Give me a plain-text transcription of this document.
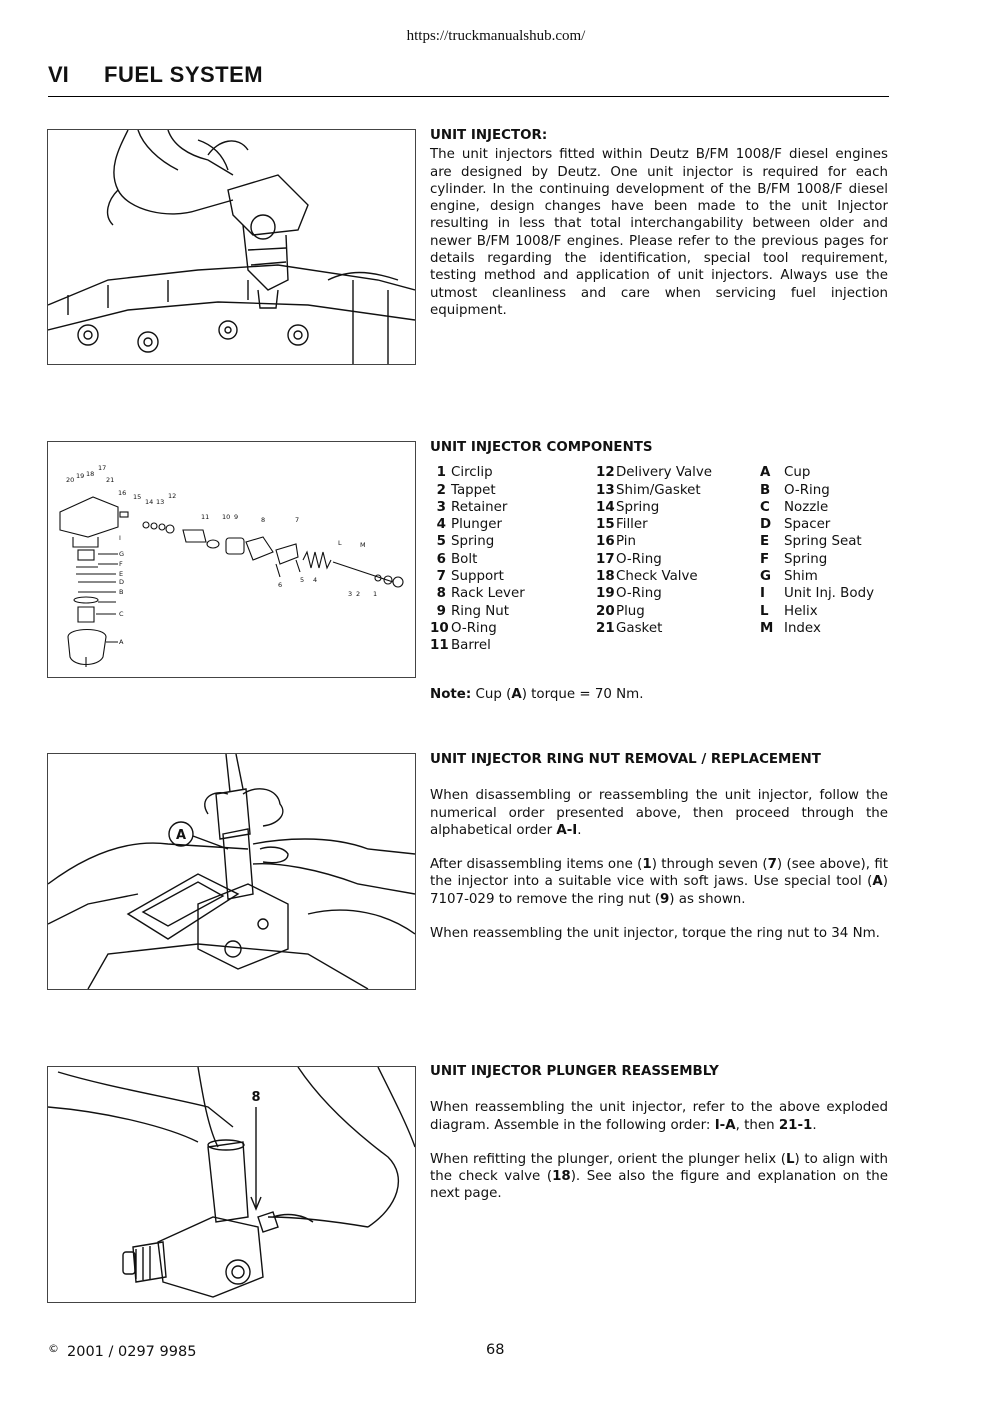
https://truckmanualshub.com/
VI FUEL SYSTEM
UNIT INJECTOR:

The unit injectors fitted within Deutz B/FM 1008/F diesel engines are designed by Deutz. One unit injector is required for each cylinder. In the continuing development of the B/FM 1008/F diesel engine, design changes have been made to the unit Injector resulting in less that total interchangability between older and newer B/FM 1008/F engines. Please refer to the previous pages for details regarding the identification, special tool requirement, testing method and application of unit injectors. Always use the utmost cleanliness and care when servicing fuel injection equipment.

20 19 18
17
21
16 15
14 13
12
11 10 9	8	7
6
5 4
3 2 1
L	M
I
G
F
E
D
B
C
A
UNIT INJECTOR COMPONENTS
1 Circlip
2 Tappet
3 Retainer
4 Plunger
5 Spring
6 Bolt
7 Support
8 Rack Lever
9 Ring Nut
10 O-Ring
11 Barrel
12Delivery Valve
13Shim/Gasket
14Spring
15Filler
16Pin
17O-Ring
18Check Valve
19O-Ring
20Plug
21Gasket
A Cup
B O-Ring
C Nozzle
D Spacer
E Spring Seat
F Spring
G Shim
I Unit Inj. Body
L Helix
M Index
Note: Cup (A) torque = 70 Nm.
A
UNIT INJECTOR RING NUT REMOVAL / REPLACEMENT

When disassembling or reassembling the unit injector, follow the numerical order presented above, then proceed through the alphabetical order A-I.

After disassembling items one (1) through seven (7) (see above), fit the injector into a suitable vice with soft jaws. Use special tool (A) 7107-029 to remove the ring nut (9) as shown.

When reassembling the unit injector, torque the ring nut to 34 Nm.

8
UNIT INJECTOR PLUNGER REASSEMBLY

When reassembling the unit injector, refer to the above exploded diagram. Assemble in the following order: I-A, then 21-1.

When refitting the plunger, orient the plunger helix (L) to align with the check valve (18). See also the figure and explanation on the next page.

© 2001 / 0297 9985	68
